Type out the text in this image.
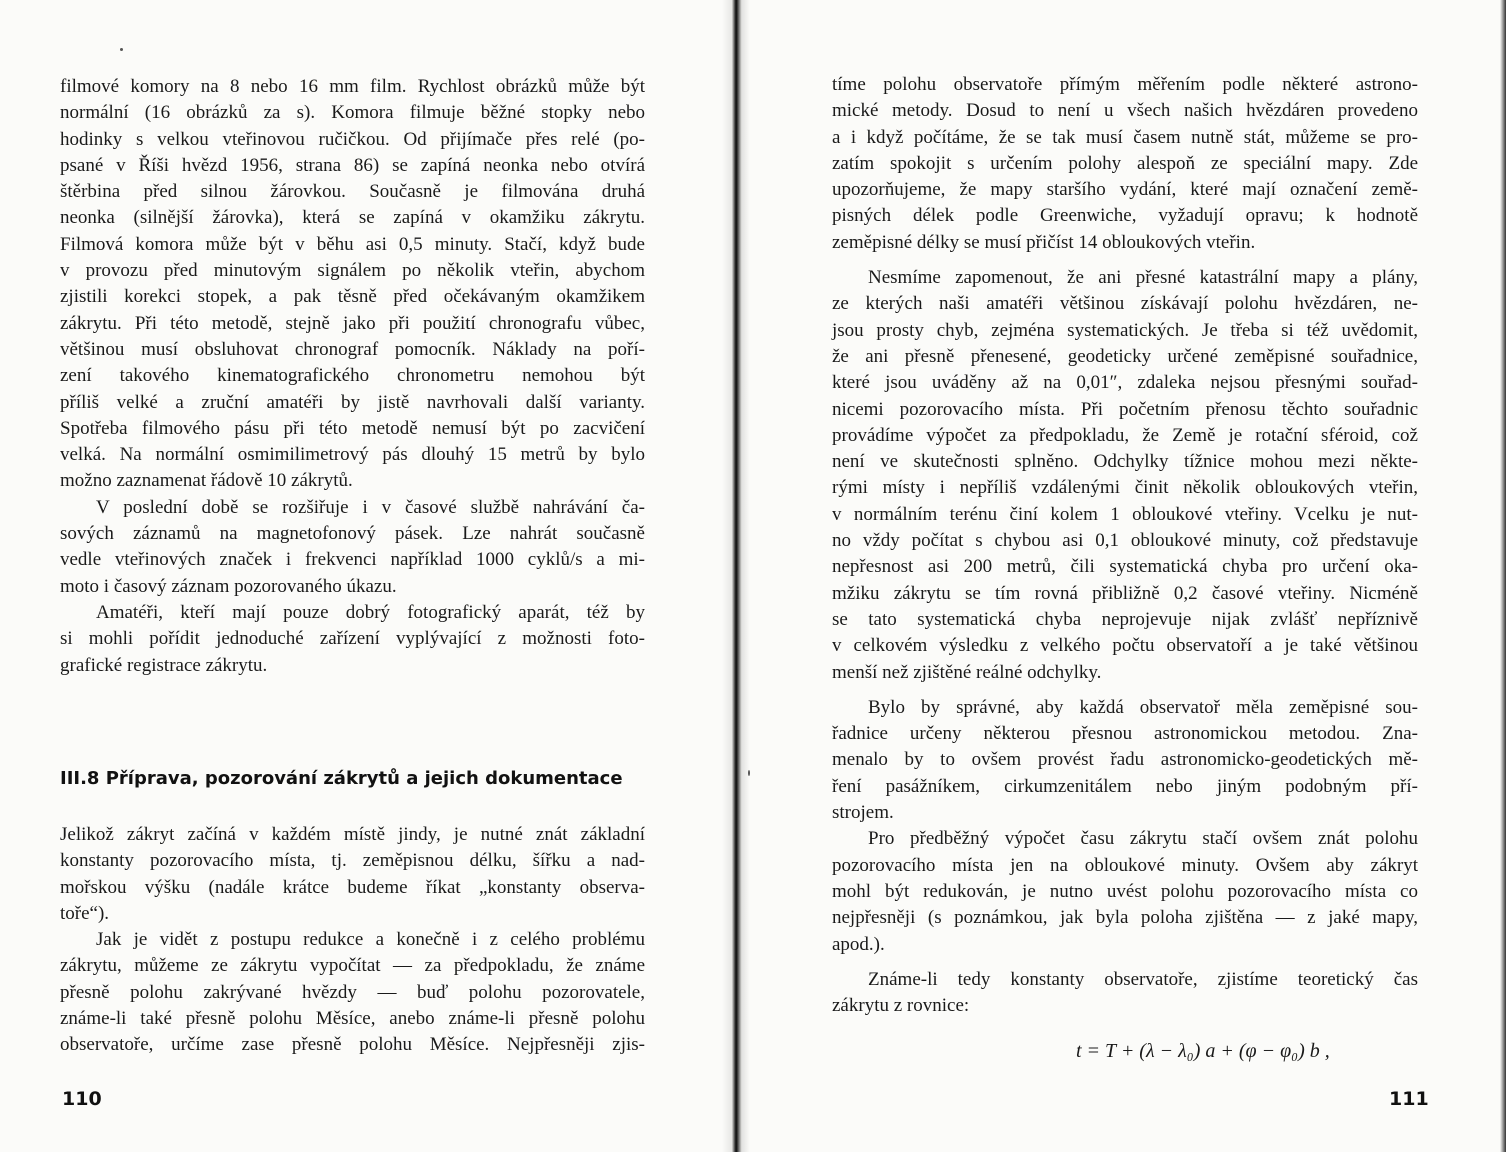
filmové komory na 8 nebo 16 mm film. Rychlost obrázků může být
normální (16 obrázků za s). Komora filmuje běžné stopky nebo
hodinky s velkou vteřinovou ručičkou. Od přijímače přes relé (po-
psané v Říši hvězd 1956, strana 86) se zapíná neonka nebo otvírá
štěrbina před silnou žárovkou. Současně je filmována druhá
neonka (silnější žárovka), která se zapíná v okamžiku zákrytu.
Filmová komora může být v běhu asi 0,5 minuty. Stačí, když bude
v provozu před minutovým signálem po několik vteřin, abychom
zjistili korekci stopek, a pak těsně před očekávaným okamžikem
zákrytu. Při této metodě, stejně jako při použití chronografu vůbec,
většinou musí obsluhovat chronograf pomocník. Náklady na poří-
zení takového kinematografického chronometru nemohou být
příliš velké a zruční amatéři by jistě navrhovali další varianty.
Spotřeba filmového pásu při této metodě nemusí být po zacvičení
velká. Na normální osmimilimetrový pás dlouhý 15 metrů by bylo
možno zaznamenat řádově 10 zákrytů.
V poslední době se rozšiřuje i v časové službě nahrávání ča-
sových záznamů na magnetofonový pásek. Lze nahrát současně
vedle vteřinových značek i frekvenci například 1000 cyklů/s a mi-
moto i časový záznam pozorovaného úkazu.
Amatéři, kteří mají pouze dobrý fotografický aparát, též by
si mohli pořídit jednoduché zařízení vyplývající z možnosti foto-
grafické registrace zákrytu.
III.8 Příprava, pozorování zákrytů a jejich dokumentace
Jelikož zákryt začíná v každém místě jindy, je nutné znát základní
konstanty pozorovacího místa, tj. zeměpisnou délku, šířku a nad-
mořskou výšku (nadále krátce budeme říkat „konstanty observa-
toře“).
Jak je vidět z postupu redukce a konečně i z celého problému
zákrytu, můžeme ze zákrytu vypočítat — za předpokladu, že známe
přesně polohu zakrývané hvězdy — buď polohu pozorovatele,
známe-li také přesně polohu Měsíce, anebo známe-li přesně polohu
observatoře, určíme zase přesně polohu Měsíce. Nejpřesněji zjis-
110
tíme polohu observatoře přímým měřením podle některé astrono-
mické metody. Dosud to není u všech našich hvězdáren provedeno
a i když počítáme, že se tak musí časem nutně stát, můžeme se pro-
zatím spokojit s určením polohy alespoň ze speciální mapy. Zde
upozorňujeme, že mapy staršího vydání, které mají označení země-
pisných délek podle Greenwiche, vyžadují opravu; k hodnotě
zeměpisné délky se musí přičíst 14 obloukových vteřin.
Nesmíme zapomenout, že ani přesné katastrální mapy a plány,
ze kterých naši amatéři většinou získávají polohu hvězdáren, ne-
jsou prosty chyb, zejména systematických. Je třeba si též uvědomit,
že ani přesně přenesené, geodeticky určené zeměpisné souřadnice,
které jsou uváděny až na 0,01″, zdaleka nejsou přesnými souřad-
nicemi pozorovacího místa. Při početním přenosu těchto souřadnic
provádíme výpočet za předpokladu, že Země je rotační sféroid, což
není ve skutečnosti splněno. Odchylky tížnice mohou mezi někte-
rými místy i nepříliš vzdálenými činit několik obloukových vteřin,
v normálním terénu činí kolem 1 obloukové vteřiny. Vcelku je nut-
no vždy počítat s chybou asi 0,1 obloukové minuty, což představuje
nepřesnost asi 200 metrů, čili systematická chyba pro určení oka-
mžiku zákrytu se tím rovná přibližně 0,2 časové vteřiny. Nicméně
se tato systematická chyba neprojevuje nijak zvlášť nepříznivě
v celkovém výsledku z velkého počtu observatoří a je také většinou
menší než zjištěné reálné odchylky.
Bylo by správné, aby každá observatoř měla zeměpisné sou-
řadnice určeny některou přesnou astronomickou metodou. Zna-
menalo by to ovšem provést řadu astronomicko-geodetických mě-
ření pasážníkem, cirkumzenitálem nebo jiným podobným pří-
strojem.
Pro předběžný výpočet času zákrytu stačí ovšem znát polohu
pozorovacího místa jen na obloukové minuty. Ovšem aby zákryt
mohl být redukován, je nutno uvést polohu pozorovacího místa co
nejpřesněji (s poznámkou, jak byla poloha zjištěna — z jaké mapy,
apod.).
Známe-li tedy konstanty observatoře, zjistíme teoretický čas
zákrytu z rovnice:
t = T + (λ − λ₀) a + (φ − φ₀) b ,
111
